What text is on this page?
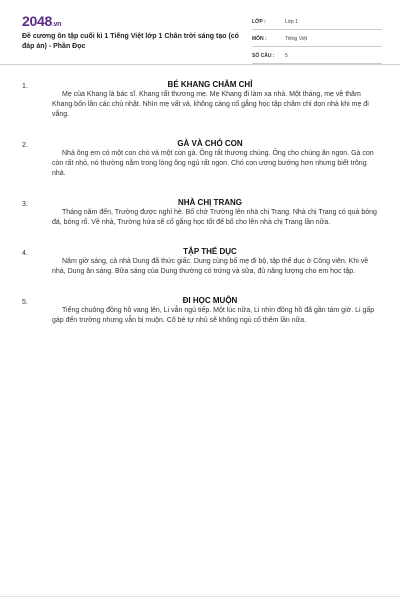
2048.vn
Đề cương ôn tập cuối kì 1 Tiếng Việt lớp 1 Chân trời sáng tạo (có đáp án) - Phần Đọc
LỚP :	Lớp 1
MÔN :	Tiếng Việt
SỐ CÂU :	5
1.	BÉ KHANG CHĂM CHỈ
Mẹ của Khang là bác sĩ. Khang rất thương mẹ. Mẹ Khang đi làm xa nhà. Một tháng, mẹ về thăm Khang bốn lần các chủ nhật. Nhìn mẹ vất vả, không càng cố gắng học tập chăm chỉ dọn nhà khi mẹ đi vắng.
2.	GÀ VÀ CHÓ CON
Nhà ông em có một con chó và một con gà. Ông rất thương chúng. Ông cho chúng ăn ngon. Gà con còn rất nhỏ, nó thường nằm trong lòng ông ngủ rất ngon. Chó con ương bướng hơn nhưng biết trông nhà.
3.	NHÀ CHỊ TRANG
Tháng năm đến, Trường được nghỉ hè. Bố chở Trường lên nhà chị Trang. Nhà chị Trang có quả bóng đá, bóng rổ. Về nhà, Trường hứa sẽ cố gắng học tốt để bố cho lên nhà chị Trang lần nữa.
4.	TẬP THỂ DỤC
Năm giờ sáng, cả nhà Dung đã thức giấc. Dung cùng bố mẹ đi bộ, tập thể dục ở Công viên. Khi về nhà, Dung ăn sáng. Bữa sáng của Dung thường có trứng và sữa, đủ năng lượng cho em học tập.
5.	ĐI HỌC MUỘN
Tiếng chuông đồng hồ vang lên, Li vẫn ngủ tiếp. Một lúc nữa, Li nhìn đồng hồ đã gần tám giờ. Li gấp gáp đến trường nhưng vẫn bị muộn. Cô bé tự nhủ sẽ không ngủ cố thêm lần nữa.
